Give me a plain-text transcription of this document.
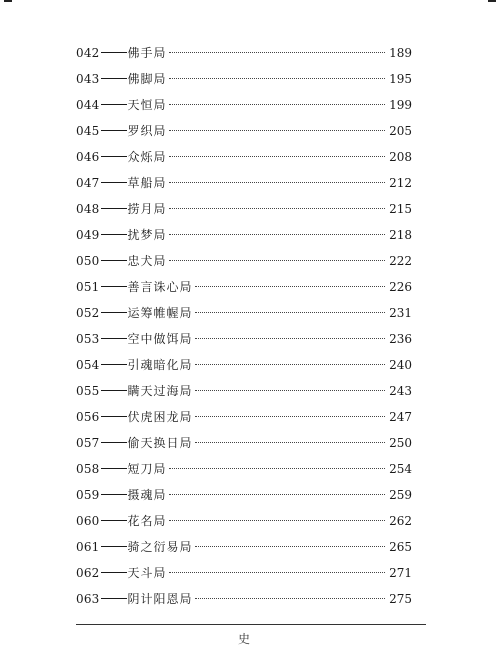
042 佛手局	189
043 佛脚局	195
044 天恒局	199
045 罗织局	205
046 众烁局	208
047 草船局	212
048 捞月局	215
049 扰梦局	218
050 忠犬局	222
051 善言诛心局	226
052 运筹帷幄局	231
053 空中做饵局	236
054 引魂暗化局	240
055 瞒天过海局	243
056 伏虎困龙局	247
057 偷天换日局	250
058 短刀局	254
059 摄魂局	259
060 花名局	262
061 骑之衍易局	265
062 天斗局	271
063 阴计阳恩局	275
史
